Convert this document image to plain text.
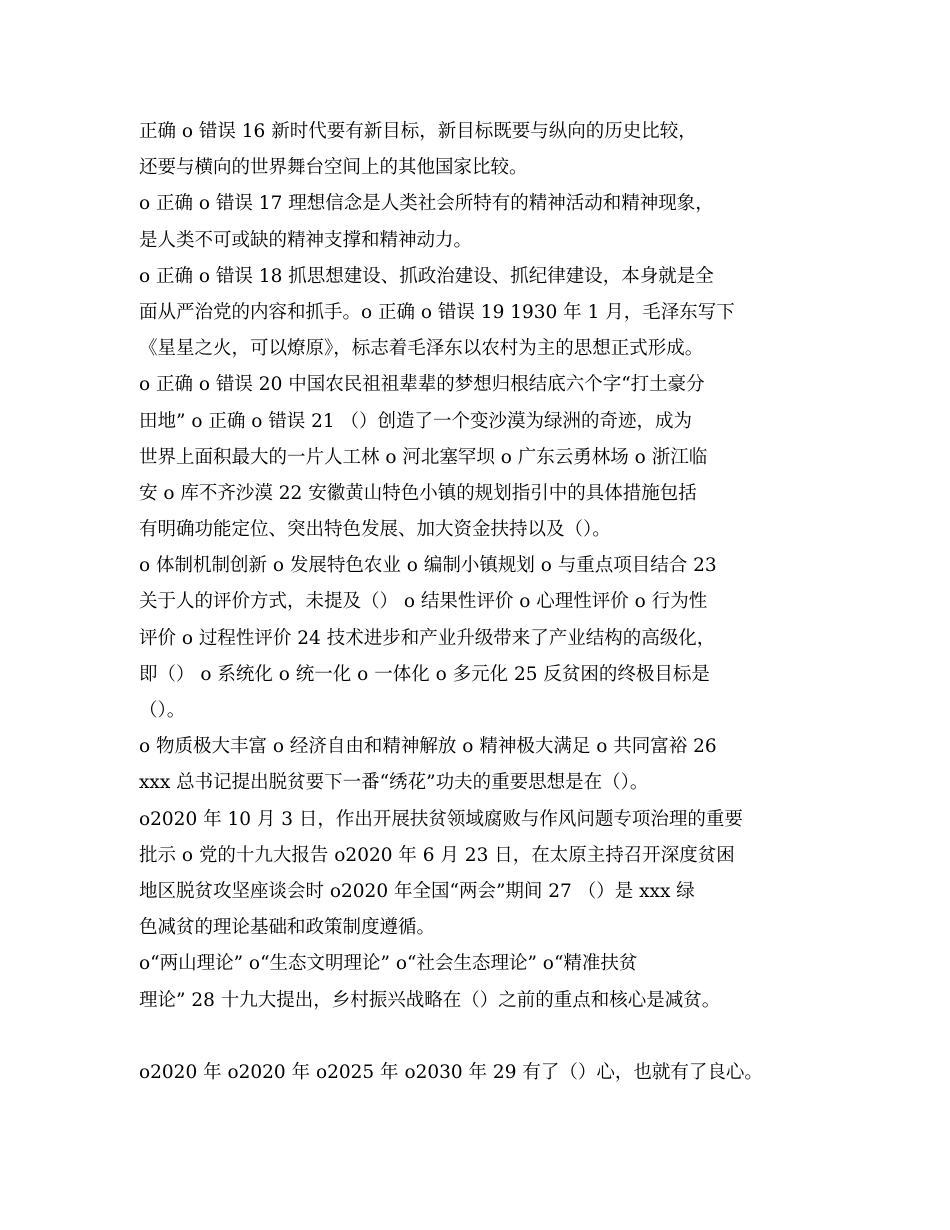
正确 o 错误 16 新时代要有新目标，新目标既要与纵向的历史比较，
还要与横向的世界舞台空间上的其他国家比较。
o 正确 o 错误 17 理想信念是人类社会所特有的精神活动和精神现象，
是人类不可或缺的精神支撑和精神动力。
o 正确 o 错误 18 抓思想建设、抓政治建设、抓纪律建设，本身就是全
面从严治党的内容和抓手。o 正确 o 错误 19 1930 年 1 月，毛泽东写下
《星星之火，可以燎原》，标志着毛泽东以农村为主的思想正式形成。
o 正确 o 错误 20 中国农民祖祖辈辈的梦想归根结底六个字“打土豪分
田地” o 正确 o 错误 21 （）创造了一个变沙漠为绿洲的奇迹，成为
世界上面积最大的一片人工林 o 河北塞罕坝 o 广东云勇林场 o 浙江临
安 o 库不齐沙漠 22 安徽黄山特色小镇的规划指引中的具体措施包括
有明确功能定位、突出特色发展、加大资金扶持以及（）。
o 体制机制创新 o 发展特色农业 o 编制小镇规划 o 与重点项目结合 23
关于人的评价方式，未提及（） o 结果性评价 o 心理性评价 o 行为性
评价 o 过程性评价 24 技术进步和产业升级带来了产业结构的高级化，
即（） o 系统化 o 统一化 o 一体化 o 多元化 25 反贫困的终极目标是
（）。
o 物质极大丰富 o 经济自由和精神解放 o 精神极大满足 o 共同富裕 26
xxx 总书记提出脱贫要下一番“绣花”功夫的重要思想是在（）。
o2020 年 10 月 3 日，作出开展扶贫领域腐败与作风问题专项治理的重要
批示 o 党的十九大报告 o2020 年 6 月 23 日，在太原主持召开深度贫困
地区脱贫攻坚座谈会时 o2020 年全国“两会”期间 27 （）是 xxx 绿
色减贫的理论基础和政策制度遵循。
o“两山理论” o“生态文明理论” o“社会生态理论” o“精准扶贫
理论” 28 十九大提出，乡村振兴战略在（）之前的重点和核心是减贫。
o2020 年 o2020 年 o2025 年 o2030 年 29 有了（）心，也就有了良心。
